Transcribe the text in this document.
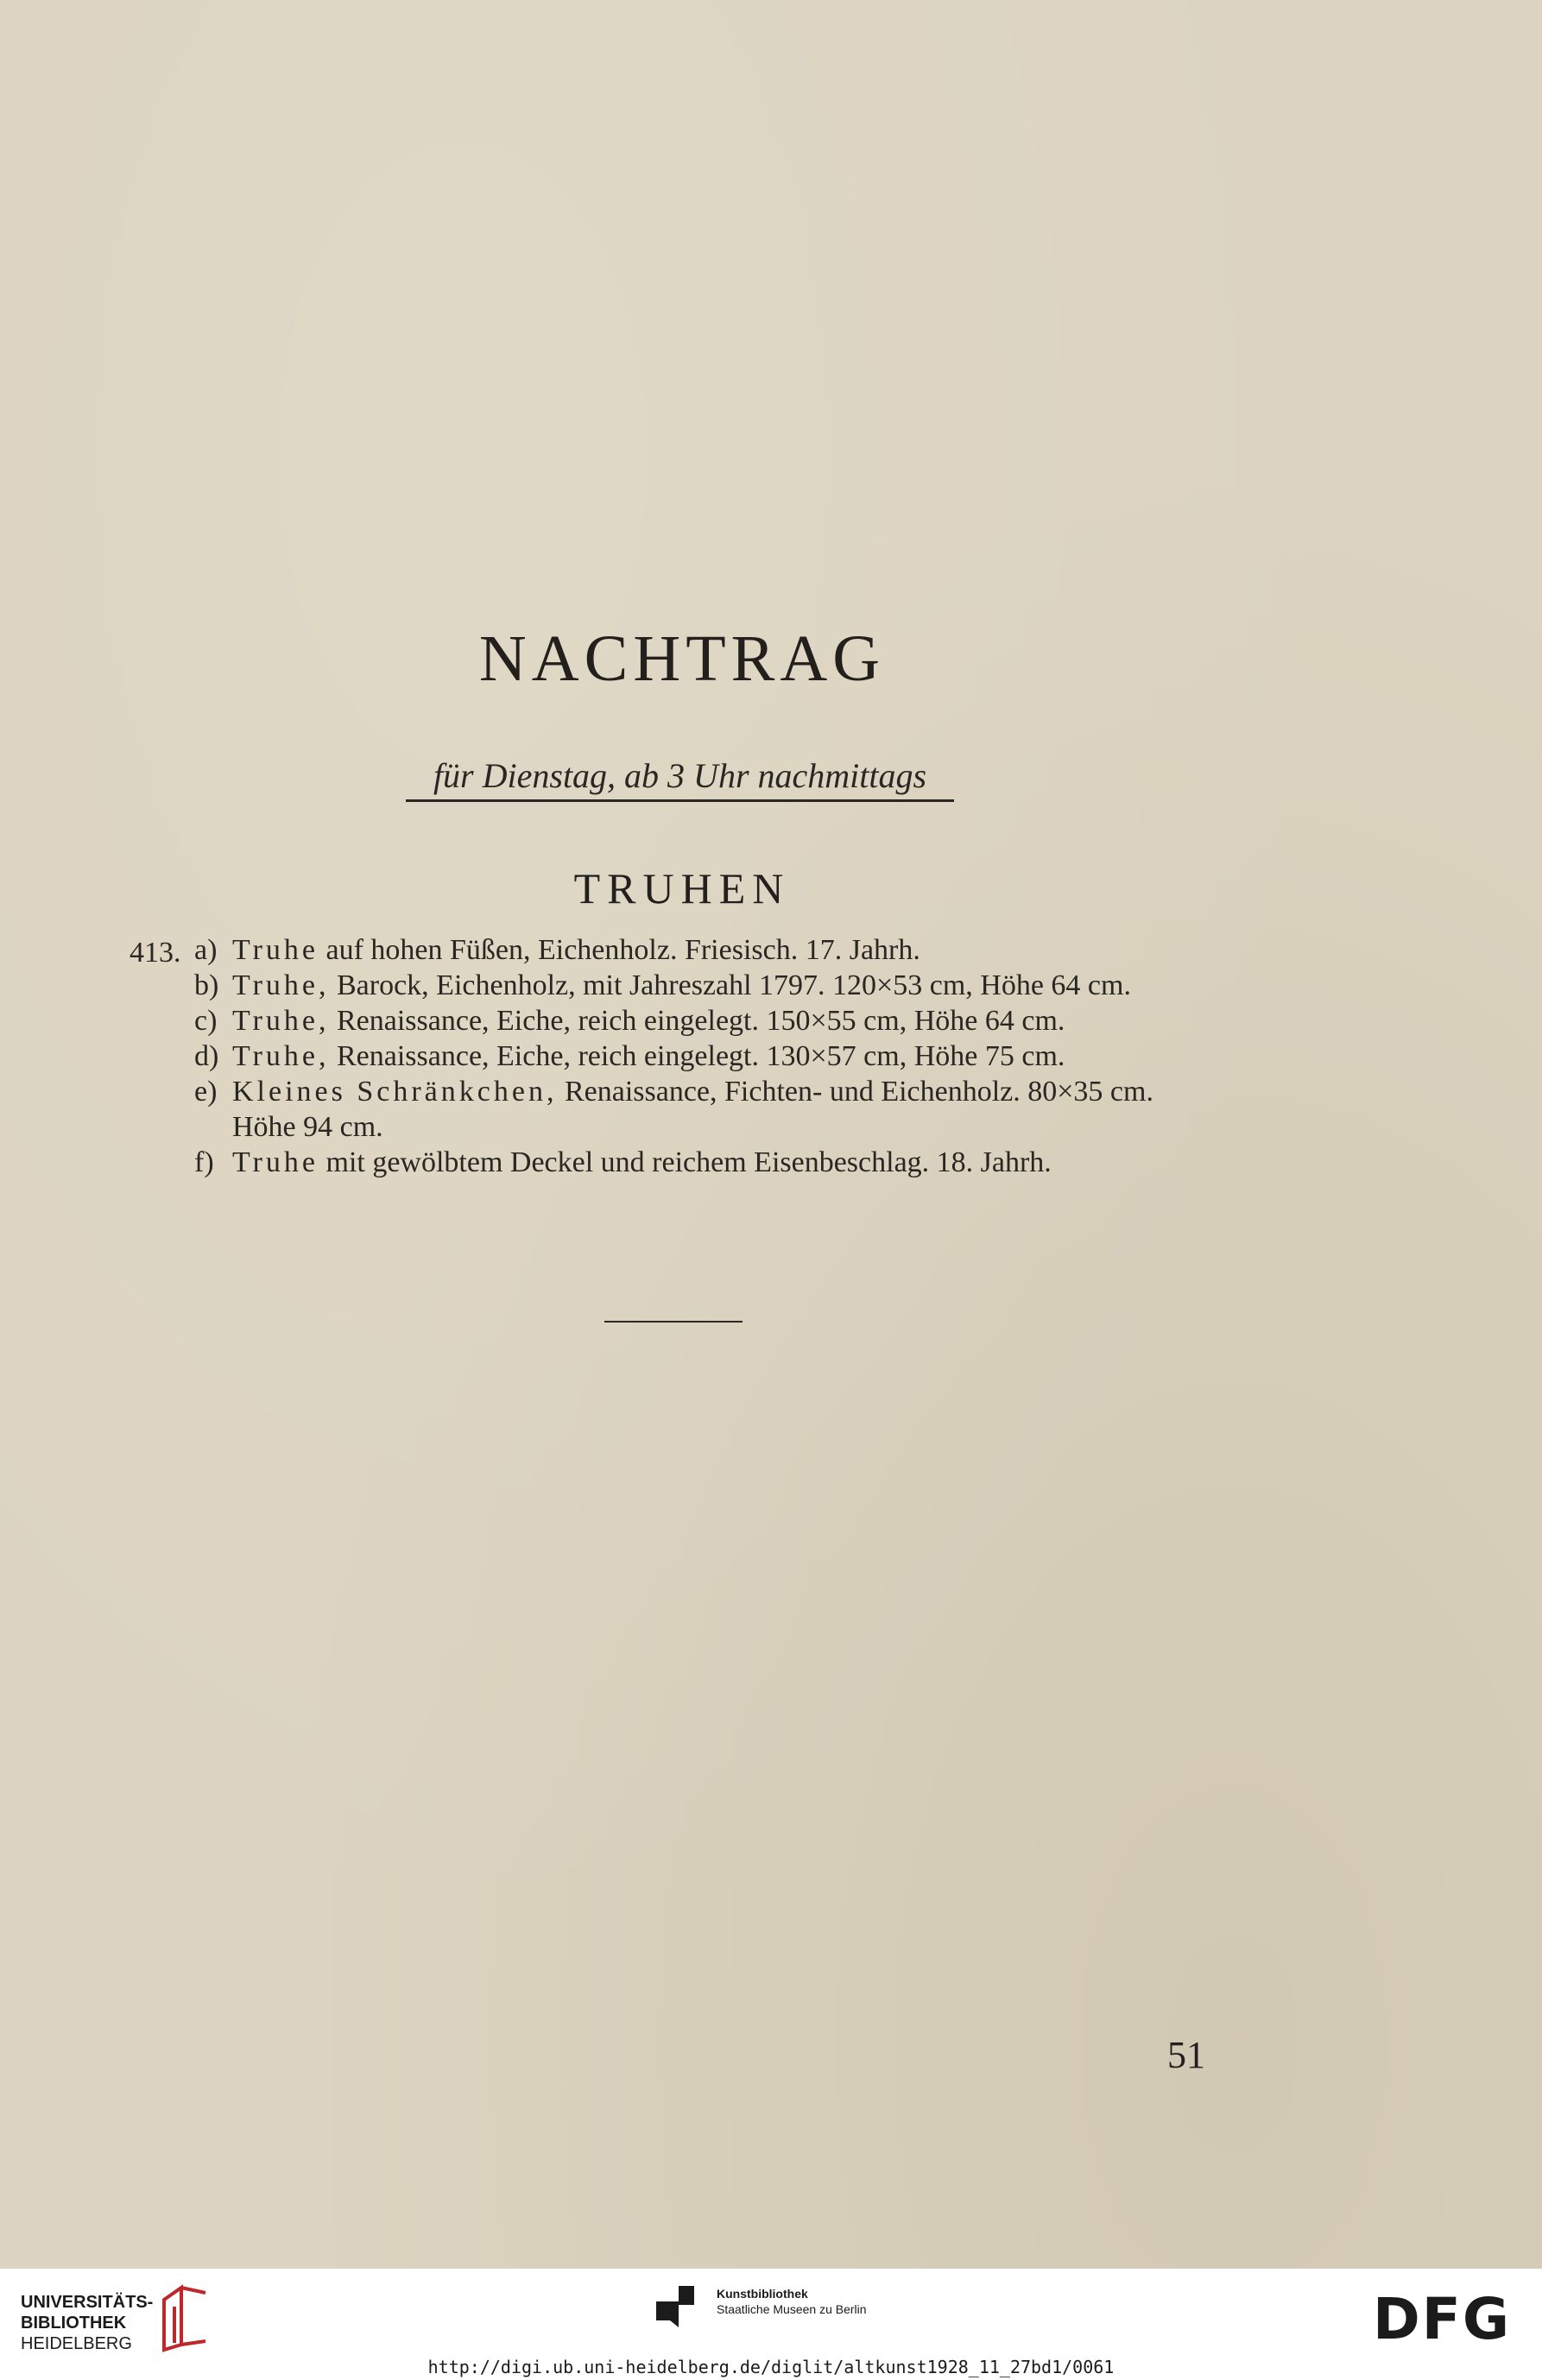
NACHTRAG
für Dienstag, ab 3 Uhr nachmittags
TRUHEN
413. a) Truhe auf hohen Füßen, Eichenholz. Friesisch. 17. Jahrh.
b) Truhe, Barock, Eichenholz, mit Jahreszahl 1797. 120×53 cm, Höhe 64 cm.
c) Truhe, Renaissance, Eiche, reich eingelegt. 150×55 cm, Höhe 64 cm.
d) Truhe, Renaissance, Eiche, reich eingelegt. 130×57 cm, Höhe 75 cm.
e) Kleines Schränkchen, Renaissance, Fichten- und Eichenholz. 80×35 cm.
Höhe 94 cm.
f) Truhe mit gewölbtem Deckel und reichem Eisenbeschlag. 18. Jahrh.
51
UNIVERSITÄTS-
BIBLIOTHEK
HEIDELBERG
Kunstbibliothek
Staatliche Museen zu Berlin	DFG
http://digi.ub.uni-heidelberg.de/diglit/altkunst1928_11_27bd1/0061
